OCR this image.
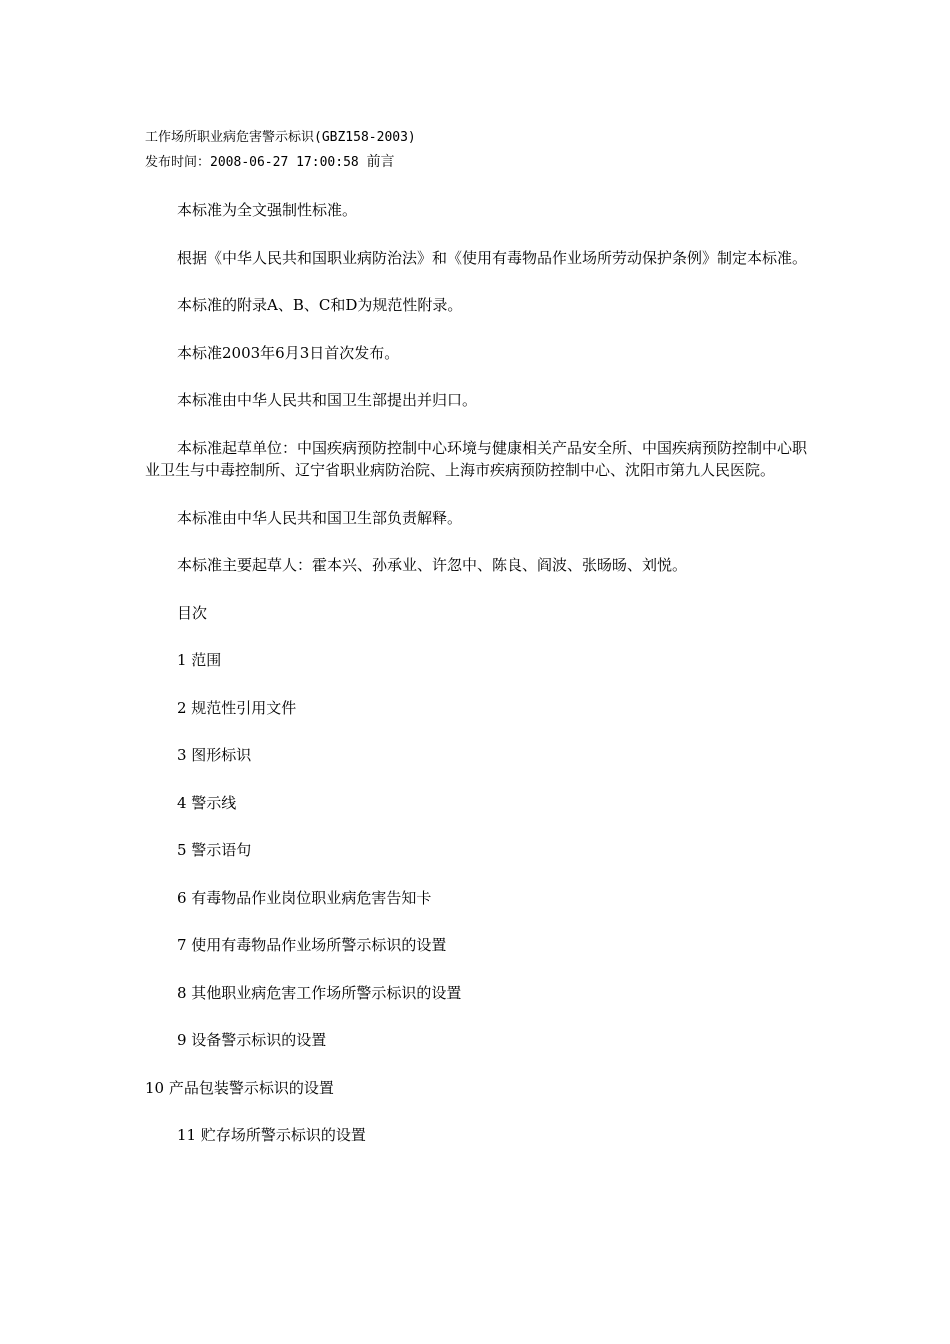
工作场所职业病危害警示标识(GBZ158-2003)
发布时间：2008-06-27 17:00:58 前言

本标准为全文强制性标准。

根据《中华人民共和国职业病防治法》和《使用有毒物品作业场所劳动保护条例》制定本标准。

本标准的附录A、B、C和D为规范性附录。

本标准2003年6月3日首次发布。

本标准由中华人民共和国卫生部提出并归口。

本标准起草单位：中国疾病预防控制中心环境与健康相关产品安全所、中国疾病预防控制中心职业卫生与中毒控制所、辽宁省职业病防治院、上海市疾病预防控制中心、沈阳市第九人民医院。

本标准由中华人民共和国卫生部负责解释。

本标准主要起草人：霍本兴、孙承业、许忽中、陈良、阎波、张旸旸、刘悦。

目次

1 范围

2 规范性引用文件

3 图形标识

4 警示线

5 警示语句

6 有毒物品作业岗位职业病危害告知卡

7 使用有毒物品作业场所警示标识的设置

8 其他职业病危害工作场所警示标识的设置

9 设备警示标识的设置

10 产品包装警示标识的设置

11 贮存场所警示标识的设置
